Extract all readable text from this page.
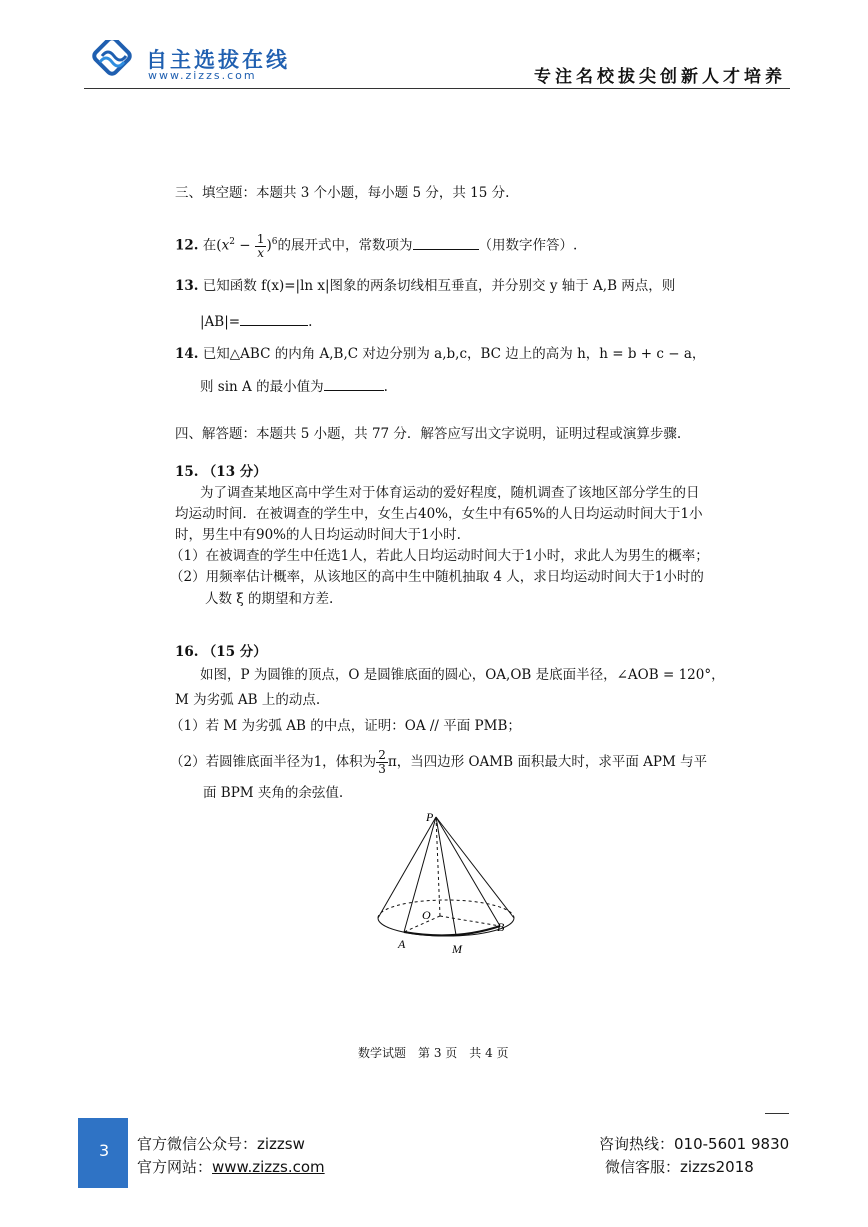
自主选拔在线
www.zizzs.com	专注名校拔尖创新人才培养
三、填空题：本题共 3 个小题，每小题 5 分，共 15 分.
12. 在$(x^2 - \frac{1}{x} )^6$的展开式中，常数项为	（用数字作答）.
13. 已知函数 f(x)=|ln x|图象的两条切线相互垂直，并分别交 y 轴于 A,B 两点，则
|AB|=	.
14. 已知△ABC 的内角 A,B,C 对边分别为 a,b,c，BC 边上的高为 h，h = b + c − a，
则 sin A 的最小值为	.
四、解答题：本题共 5 小题，共 77 分．解答应写出文字说明，证明过程或演算步骤.
15. （13 分）
为了调查某地区高中学生对于体育运动的爱好程度，随机调查了该地区部分学生的日
均运动时间．在被调查的学生中，女生占40%，女生中有65%的人日均运动时间大于1小
时，男生中有90%的人日均运动时间大于1小时.
（1）在被调查的学生中任选1人，若此人日均运动时间大于1小时，求此人为男生的概率；
（2）用频率估计概率，从该地区的高中生中随机抽取 4 人，求日均运动时间大于1小时的
人数 ξ 的期望和方差.
16. （15 分）
如图，P 为圆锥的顶点，O 是圆锥底面的圆心，OA,OB 是底面半径，∠AOB = 120°，
M 为劣弧 AB 上的动点.
（1）若 M 为劣弧 AB 的中点，证明：OA // 平面 PMB；
（2）若圆锥底面半径为1，体积为 $\frac{2}{3}$ π，当四边形 OAMB 面积最大时，求平面 APM 与平
面 BPM 夹角的余弦值.
P
O
A	M
B
数学试题　第 3 页　共 4 页
3 官方微信公众号：zizzsw
官方网站：www.zizzs.com
咨询热线：010-5601 9830
微信客服：zizzs2018
